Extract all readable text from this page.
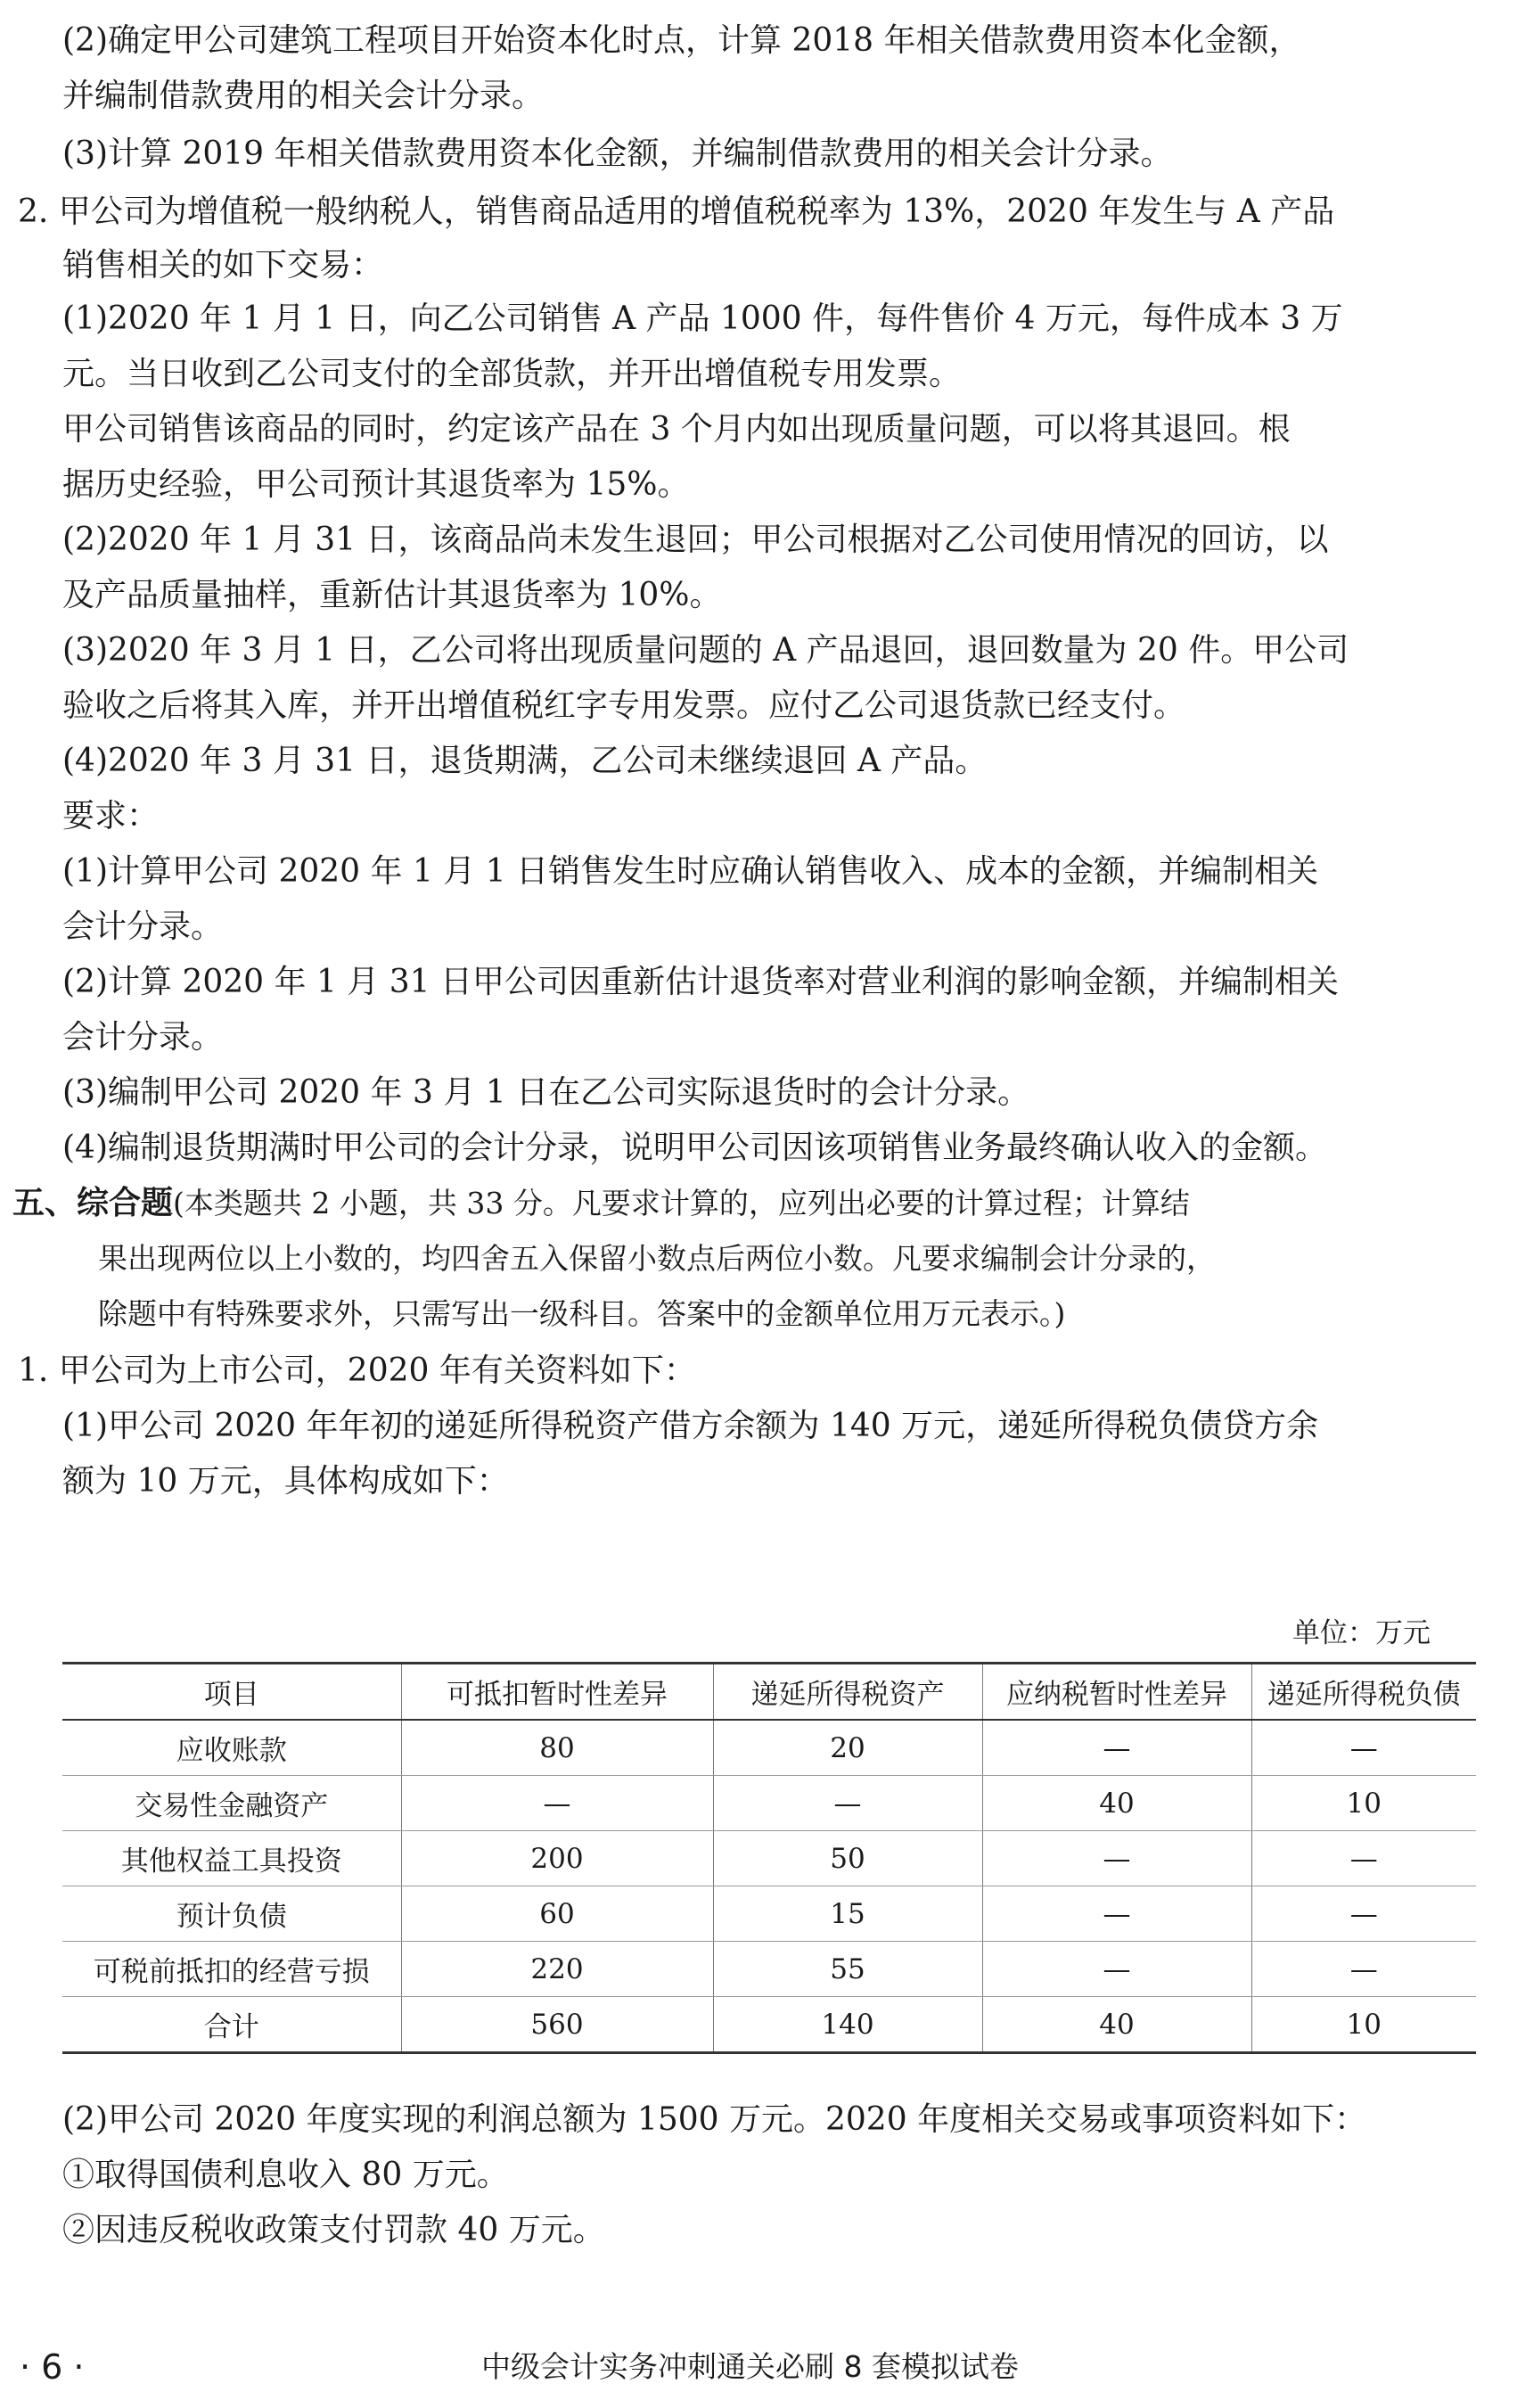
(2)确定甲公司建筑工程项目开始资本化时点，计算 2018 年相关借款费用资本化金额，
并编制借款费用的相关会计分录。
(3)计算 2019 年相关借款费用资本化金额，并编制借款费用的相关会计分录。
2. 甲公司为增值税一般纳税人，销售商品适用的增值税税率为 13%，2020 年发生与 A 产品
销售相关的如下交易：
(1)2020 年 1 月 1 日，向乙公司销售 A 产品 1000 件，每件售价 4 万元，每件成本 3 万
元。当日收到乙公司支付的全部货款，并开出增值税专用发票。
甲公司销售该商品的同时，约定该产品在 3 个月内如出现质量问题，可以将其退回。根
据历史经验，甲公司预计其退货率为 15%。
(2)2020 年 1 月 31 日，该商品尚未发生退回；甲公司根据对乙公司使用情况的回访，以
及产品质量抽样，重新估计其退货率为 10%。
(3)2020 年 3 月 1 日，乙公司将出现质量问题的 A 产品退回，退回数量为 20 件。甲公司
验收之后将其入库，并开出增值税红字专用发票。应付乙公司退货款已经支付。
(4)2020 年 3 月 31 日，退货期满，乙公司未继续退回 A 产品。
要求：
(1)计算甲公司 2020 年 1 月 1 日销售发生时应确认销售收入、成本的金额，并编制相关
会计分录。
(2)计算 2020 年 1 月 31 日甲公司因重新估计退货率对营业利润的影响金额，并编制相关
会计分录。
(3)编制甲公司 2020 年 3 月 1 日在乙公司实际退货时的会计分录。
(4)编制退货期满时甲公司的会计分录，说明甲公司因该项销售业务最终确认收入的金额。
五、综合题(本类题共 2 小题，共 33 分。凡要求计算的，应列出必要的计算过程；计算结
果出现两位以上小数的，均四舍五入保留小数点后两位小数。凡要求编制会计分录的，
除题中有特殊要求外，只需写出一级科目。答案中的金额单位用万元表示。)
1. 甲公司为上市公司，2020 年有关资料如下：
(1)甲公司 2020 年年初的递延所得税资产借方余额为 140 万元，递延所得税负债贷方余
额为 10 万元，具体构成如下：
单位：万元
项目	可抵扣暂时性差异	递延所得税资产	应纳税暂时性差异	递延所得税负债
应收账款	80	20	—	—
交易性金融资产	—	—	40	10
其他权益工具投资	200	50	—	—
预计负债	60	15	—	—
可税前抵扣的经营亏损	220	55	—	—
合计	560	140	40	10
(2)甲公司 2020 年度实现的利润总额为 1500 万元。2020 年度相关交易或事项资料如下：
①取得国债利息收入 80 万元。
②因违反税收政策支付罚款 40 万元。
· 6 ·	中级会计实务冲刺通关必刷 8 套模拟试卷
